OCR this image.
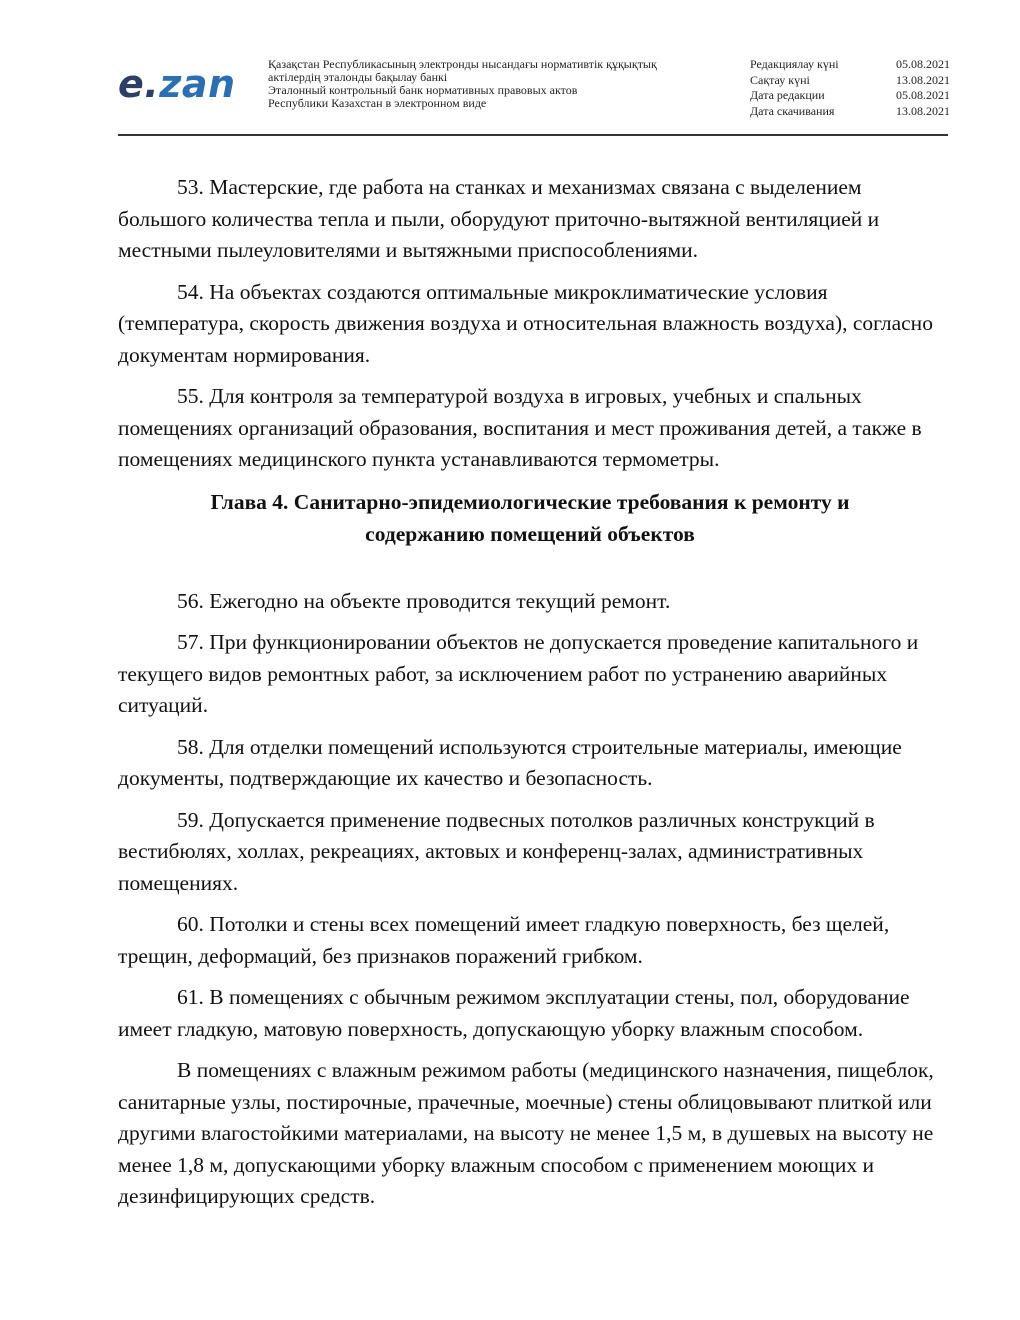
e.zan	Қазақстан Республикасының электронды нысандағы нормативтік құқықтық
актілердің эталонды бақылау банкі
Эталонный контрольный банк нормативных правовых актов
Республики Казахстан в электронном виде
Редакциялау күні	05.08.2021
Сақтау күні	13.08.2021
Дата редакции	05.08.2021
Дата скачивания	13.08.2021

53. Мастерские, где работа на станках и механизмах связана с выделением большого количества тепла и пыли, оборудуют приточно-вытяжной вентиляцией и местными пылеуловителями и вытяжными приспособлениями.

54. На объектах создаются оптимальные микроклиматические условия (температура, скорость движения воздуха и относительная влажность воздуха), согласно документам нормирования.

55. Для контроля за температурой воздуха в игровых, учебных и спальных помещениях организаций образования, воспитания и мест проживания детей, а также в помещениях медицинского пункта устанавливаются термометры.

Глава 4. Санитарно-эпидемиологические требования к ремонту и
содержанию помещений объектов

56. Ежегодно на объекте проводится текущий ремонт.

57. При функционировании объектов не допускается проведение капитального и текущего видов ремонтных работ, за исключением работ по устранению аварийных ситуаций.

58. Для отделки помещений используются строительные материалы, имеющие документы, подтверждающие их качество и безопасность.

59. Допускается применение подвесных потолков различных конструкций в вестибюлях, холлах, рекреациях, актовых и конференц-залах, административных помещениях.

60. Потолки и стены всех помещений имеет гладкую поверхность, без щелей, трещин, деформаций, без признаков поражений грибком.

61. В помещениях с обычным режимом эксплуатации стены, пол, оборудование имеет гладкую, матовую поверхность, допускающую уборку влажным способом.

В помещениях с влажным режимом работы (медицинского назначения, пищеблок, санитарные узлы, постирочные, прачечные, моечные) стены облицовывают плиткой или другими влагостойкими материалами, на высоту не менее 1,5 м, в душевых на высоту не менее 1,8 м, допускающими уборку влажным способом с применением моющих и дезинфицирующих средств.
